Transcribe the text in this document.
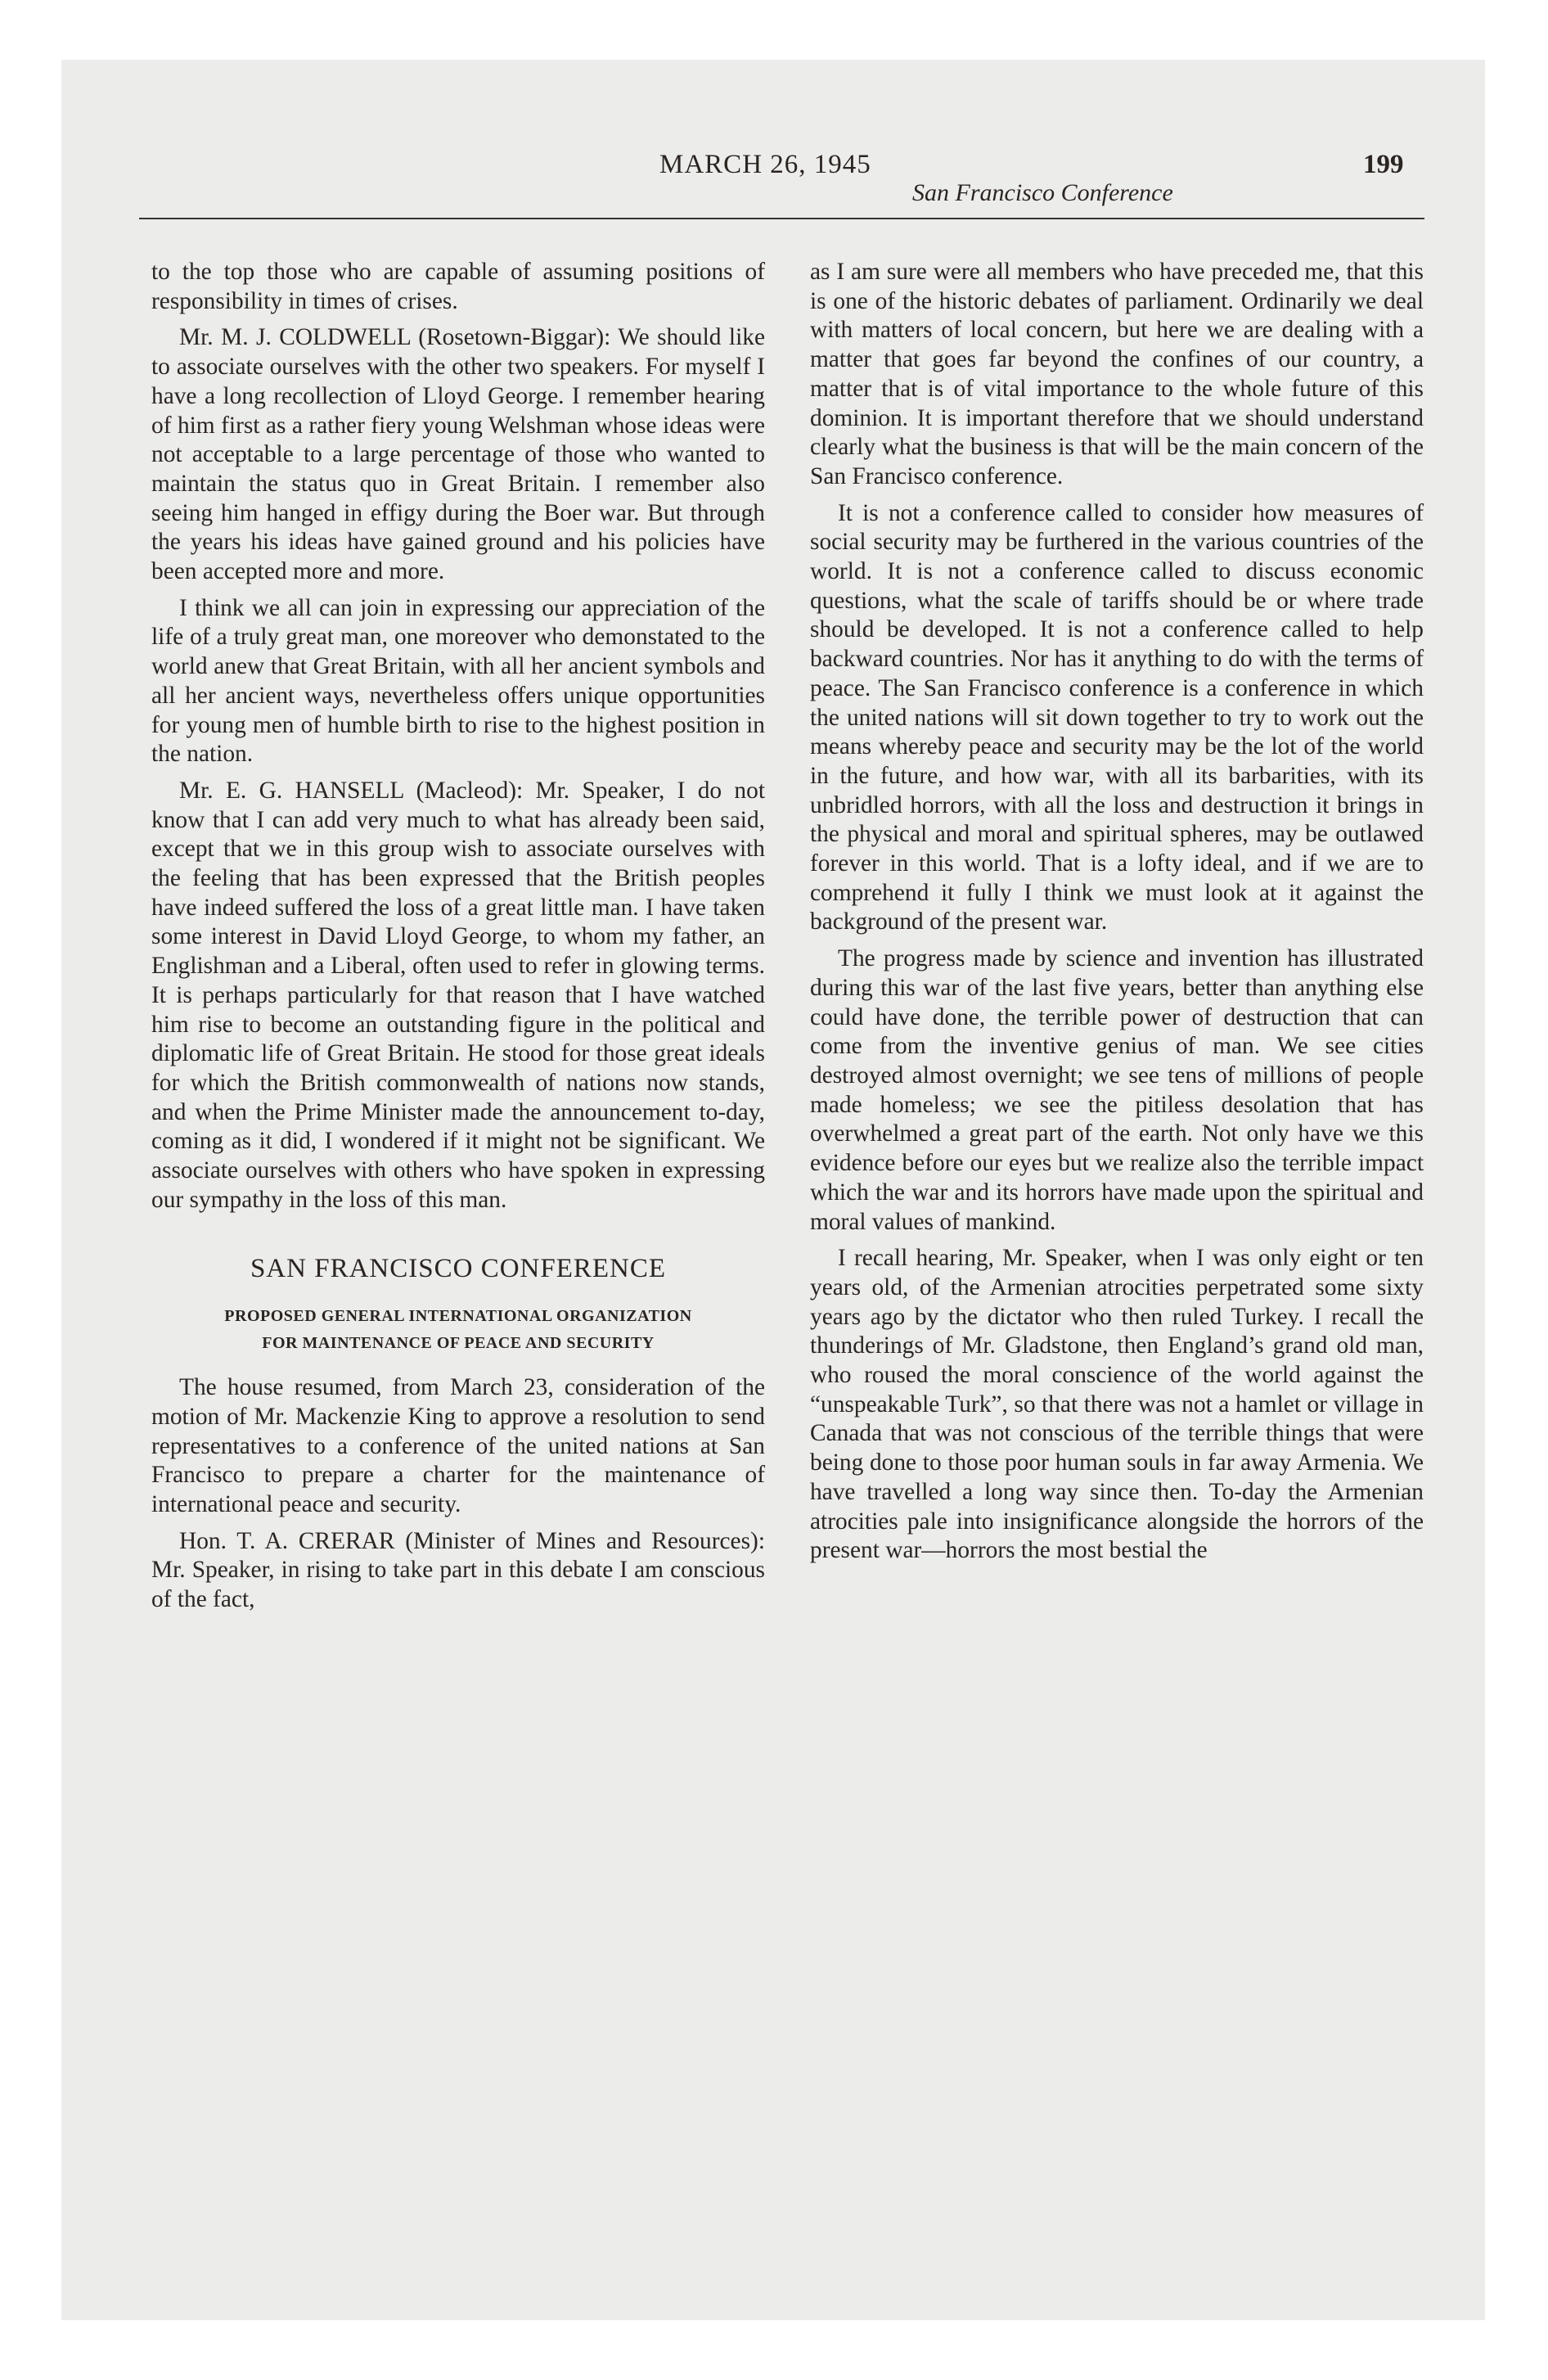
MARCH 26, 1945	199
San Francisco Conference

to the top those who are capable of assuming positions of responsibility in times of crises.

Mr. M. J. COLDWELL (Rosetown-Biggar): We should like to associate ourselves with the other two speakers. For myself I have a long recollection of Lloyd George. I remember hearing of him first as a rather fiery young Welshman whose ideas were not acceptable to a large percentage of those who wanted to maintain the status quo in Great Britain. I remember also seeing him hanged in effigy during the Boer war. But through the years his ideas have gained ground and his policies have been accepted more and more.

I think we all can join in expressing our appreciation of the life of a truly great man, one moreover who demonstated to the world anew that Great Britain, with all her ancient symbols and all her ancient ways, nevertheless offers unique opportunities for young men of humble birth to rise to the highest position in the nation.

Mr. E. G. HANSELL (Macleod): Mr. Speaker, I do not know that I can add very much to what has already been said, except that we in this group wish to associate ourselves with the feeling that has been expressed that the British peoples have indeed suffered the loss of a great little man. I have taken some interest in David Lloyd George, to whom my father, an Englishman and a Liberal, often used to refer in glowing terms. It is perhaps particularly for that reason that I have watched him rise to become an outstanding figure in the political and diplomatic life of Great Britain. He stood for those great ideals for which the British commonwealth of nations now stands, and when the Prime Minister made the announcement to-day, coming as it did, I wondered if it might not be significant. We associate ourselves with others who have spoken in expressing our sympathy in the loss of this man.

SAN FRANCISCO CONFERENCE
PROPOSED GENERAL INTERNATIONAL ORGANIZATION
FOR MAINTENANCE OF PEACE AND SECURITY

The house resumed, from March 23, consideration of the motion of Mr. Mackenzie King to approve a resolution to send representatives to a conference of the united nations at San Francisco to prepare a charter for the maintenance of international peace and security.

Hon. T. A. CRERAR (Minister of Mines and Resources): Mr. Speaker, in rising to take part in this debate I am conscious of the fact,

as I am sure were all members who have preceded me, that this is one of the historic debates of parliament. Ordinarily we deal with matters of local concern, but here we are dealing with a matter that goes far beyond the confines of our country, a matter that is of vital importance to the whole future of this dominion. It is important therefore that we should understand clearly what the business is that will be the main concern of the San Francisco conference.

It is not a conference called to consider how measures of social security may be furthered in the various countries of the world. It is not a conference called to discuss economic questions, what the scale of tariffs should be or where trade should be developed. It is not a conference called to help backward countries. Nor has it anything to do with the terms of peace. The San Francisco conference is a conference in which the united nations will sit down together to try to work out the means whereby peace and security may be the lot of the world in the future, and how war, with all its barbarities, with its unbridled horrors, with all the loss and destruction it brings in the physical and moral and spiritual spheres, may be outlawed forever in this world. That is a lofty ideal, and if we are to comprehend it fully I think we must look at it against the background of the present war.

The progress made by science and invention has illustrated during this war of the last five years, better than anything else could have done, the terrible power of destruction that can come from the inventive genius of man. We see cities destroyed almost overnight; we see tens of millions of people made homeless; we see the pitiless desolation that has overwhelmed a great part of the earth. Not only have we this evidence before our eyes but we realize also the terrible impact which the war and its horrors have made upon the spiritual and moral values of mankind.

I recall hearing, Mr. Speaker, when I was only eight or ten years old, of the Armenian atrocities perpetrated some sixty years ago by the dictator who then ruled Turkey. I recall the thunderings of Mr. Gladstone, then England’s grand old man, who roused the moral conscience of the world against the “unspeakable Turk”, so that there was not a hamlet or village in Canada that was not conscious of the terrible things that were being done to those poor human souls in far away Armenia. We have travelled a long way since then. To-day the Armenian atrocities pale into insignificance alongside the horrors of the present war—horrors the most bestial the
